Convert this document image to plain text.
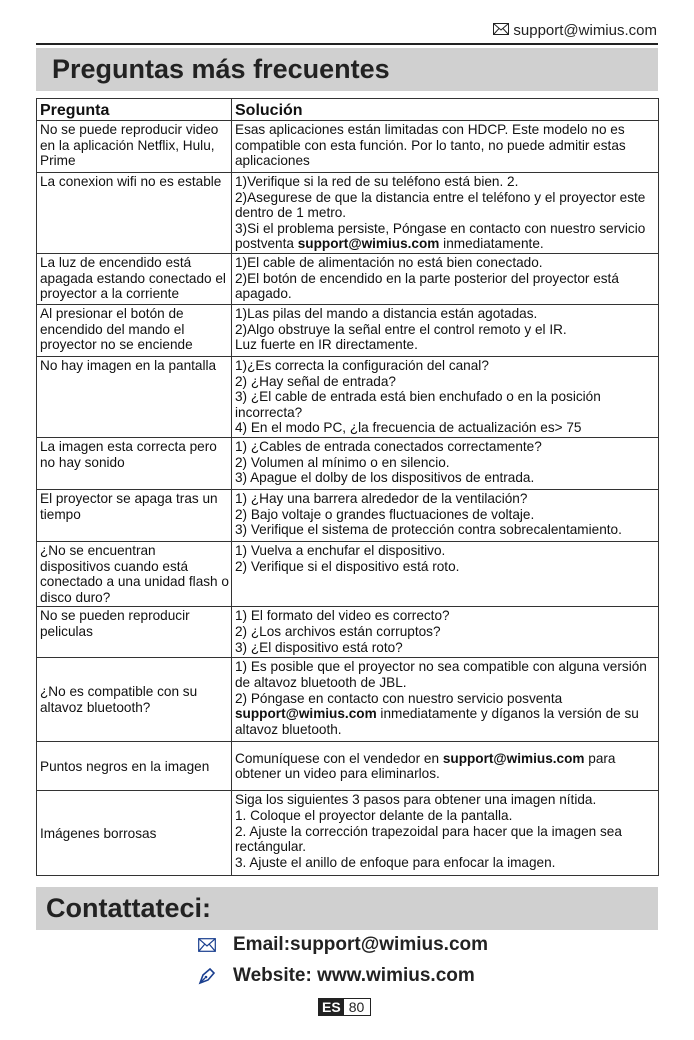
support@wimius.com
Preguntas más frecuentes
Pregunta	Solución
No se puede reproducir video en la aplicación Netflix, Hulu, Prime	Esas aplicaciones están limitadas con HDCP. Este modelo no es compatible con esta función. Por lo tanto, no puede admitir estas aplicaciones
La conexion wifi no es estable	1)Verifique si la red de su teléfono está bien. 2.
2)Asegurese de que la distancia entre el teléfono y el proyector este dentro de 1 metro.
3)Si el problema persiste, Póngase en contacto con nuestro servicio postventa support@wimius.com inmediatamente.

La luz de encendido está apagada estando conectado el proyector a la corriente	1)El cable de alimentación no está bien conectado.
2)El botón de encendido en la parte posterior del proyector está apagado.

Al presionar el botón de encendido del mando el proyector no se enciende	1)Las pilas del mando a distancia están agotadas.
2)Algo obstruye la señal entre el control remoto y el IR.
Luz fuerte en IR directamente.

No hay imagen en la pantalla	1)¿Es correcta la configuración del canal?
2) ¿Hay señal de entrada?
3) ¿El cable de entrada está bien enchufado o en la posición incorrecta?
4) En el modo PC, ¿la frecuencia de actualización es> 75

La imagen esta correcta pero no hay sonido	1) ¿Cables de entrada conectados correctamente?
2) Volumen al mínimo o en silencio.
3) Apague el dolby de los dispositivos de entrada.

El proyector se apaga tras un tiempo	1) ¿Hay una barrera alrededor de la ventilación?
2) Bajo voltaje o grandes fluctuaciones de voltaje.
3) Verifique el sistema de protección contra sobrecalentamiento.

¿No se encuentran dispositivos cuando está conectado a una unidad flash o disco duro?	1) Vuelva a enchufar el dispositivo.
2) Verifique si el dispositivo está roto.

No se pueden reproducir peliculas	1) El formato del video es correcto?
2) ¿Los archivos están corruptos?
3) ¿El dispositivo está roto?

¿No es compatible con su altavoz bluetooth?	1) Es posible que el proyector no sea compatible con alguna versión de altavoz bluetooth de JBL.
2) Póngase en contacto con nuestro servicio posventa support@wimius.com inmediatamente y díganos la versión de su altavoz bluetooth.

Puntos negros en la imagen	Comuníquese con el vendedor en support@wimius.com para obtener un video para eliminarlos.
Imágenes borrosas	Siga los siguientes 3 pasos para obtener una imagen nítida.
1. Coloque el proyector delante de la pantalla.
2. Ajuste la corrección trapezoidal para hacer que la imagen sea rectángular.
3. Ajuste el anillo de enfoque para enfocar la imagen.
Contattateci:
Email:support@wimius.com
Website: www.wimius.com
ES 80
